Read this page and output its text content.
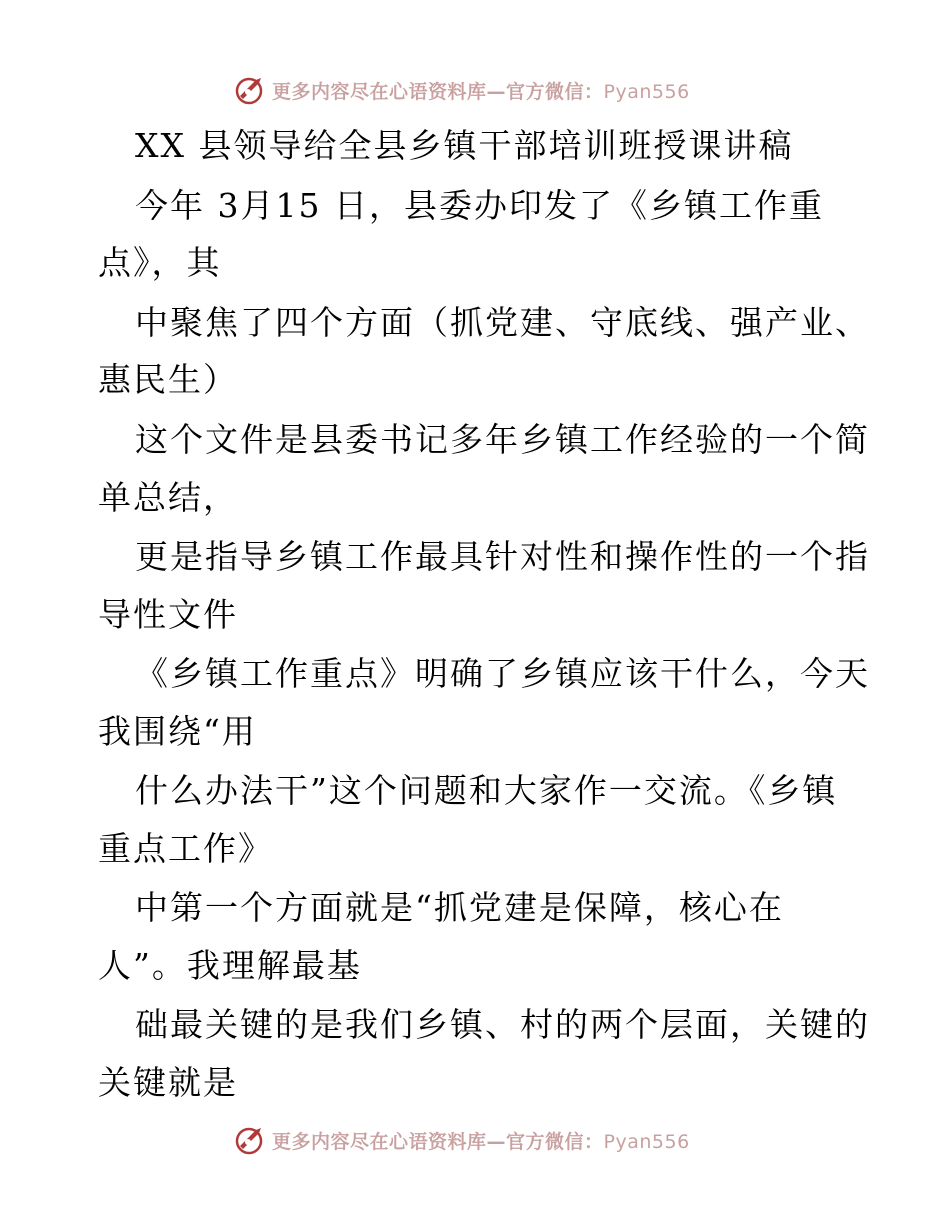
更多内容尽在心语资料库—官方微信：Pyan556
XX 县领导给全县乡镇干部培训班授课讲稿
今年 3月15 日，县委办印发了《乡镇工作重
点》，其
中聚焦了四个方面（抓党建、守底线、强产业、
惠民生）
这个文件是县委书记多年乡镇工作经验的一个简
单总结，
更是指导乡镇工作最具针对性和操作性的一个指
导性文件
《乡镇工作重点》明确了乡镇应该干什么，今天
我围绕“用
什么办法干”这个问题和大家作一交流。《乡镇
重点工作》
中第一个方面就是“抓党建是保障，核心在
人”。我理解最基
础最关键的是我们乡镇、村的两个层面，关键的
关键就是
更多内容尽在心语资料库—官方微信：Pyan556
